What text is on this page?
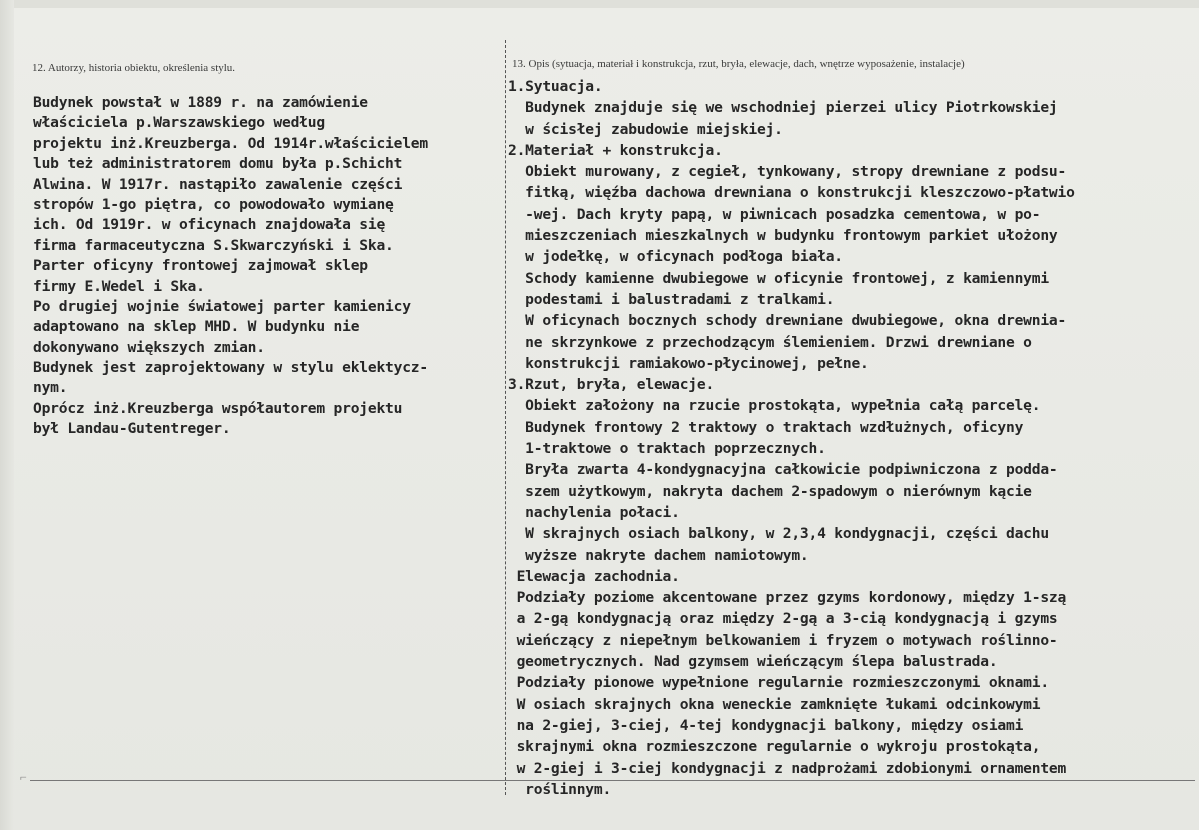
12. Autorzy, historia obiektu, określenia stylu.	13. Opis (sytuacja, materiał i konstrukcja, rzut, bryła, elewacje, dach, wnętrze wyposażenie, instalacje)
Budynek powstał w 1889 r. na zamówienie
właściciela p.Warszawskiego według
projektu inż.Kreuzberga. Od 1914r.właścicielem
lub też administratorem domu była p.Schicht
Alwina. W 1917r. nastąpiło zawalenie części
stropów 1-go piętra, co powodowało wymianę
ich. Od 1919r. w oficynach znajdowała się
firma farmaceutyczna S.Skwarczyński i Ska.
Parter oficyny frontowej zajmował sklep
firmy E.Wedel i Ska.
Po drugiej wojnie światowej parter kamienicy
adaptowano na sklep MHD. W budynku nie
dokonywano większych zmian.
Budynek jest zaprojektowany w stylu eklektycz-
nym.
Oprócz inż.Kreuzberga współautorem projektu
był Landau-Gutentreger.
1.Sytuacja.
Budynek znajduje się we wschodniej pierzei ulicy Piotrkowskiej
w ścisłej zabudowie miejskiej.
2.Materiał + konstrukcja.
Obiekt murowany, z cegieł, tynkowany, stropy drewniane z podsu-
fitką, więźba dachowa drewniana o konstrukcji kleszczowo-płatwio
-wej. Dach kryty papą, w piwnicach posadzka cementowa, w po-
mieszczeniach mieszkalnych w budynku frontowym parkiet ułożony
w jodełkę, w oficynach podłoga biała.
Schody kamienne dwubiegowe w oficynie frontowej, z kamiennymi
podestami i balustradami z tralkami.
W oficynach bocznych schody drewniane dwubiegowe, okna drewnia-
ne skrzynkowe z przechodzącym ślemieniem. Drzwi drewniane o
konstrukcji ramiakowo-płycinowej, pełne.
3.Rzut, bryła, elewacje.
Obiekt założony na rzucie prostokąta, wypełnia całą parcelę.
Budynek frontowy 2 traktowy o traktach wzdłużnych, oficyny
1-traktowe o traktach poprzecznych.
Bryła zwarta 4-kondygnacyjna całkowicie podpiwniczona z podda-
szem użytkowym, nakryta dachem 2-spadowym o nierównym kącie
nachylenia połaci.
W skrajnych osiach balkony, w 2,3,4 kondygnacji, części dachu
wyższe nakryte dachem namiotowym.
Elewacja zachodnia.
Podziały poziome akcentowane przez gzyms kordonowy, między 1-szą
a 2-gą kondygnacją oraz między 2-gą a 3-cią kondygnacją i gzyms
wieńczący z niepełnym belkowaniem i fryzem o motywach roślinno-
geometrycznych. Nad gzymsem wieńczącym ślepa balustrada.
Podziały pionowe wypełnione regularnie rozmieszczonymi oknami.
W osiach skrajnych okna weneckie zamknięte łukami odcinkowymi
na 2-giej, 3-ciej, 4-tej kondygnacji balkony, między osiami
skrajnymi okna rozmieszczone regularnie o wykroju prostokąta,
w 2-giej i 3-ciej kondygnacji z nadprożami zdobionymi ornamentem
roślinnym.
⌐
